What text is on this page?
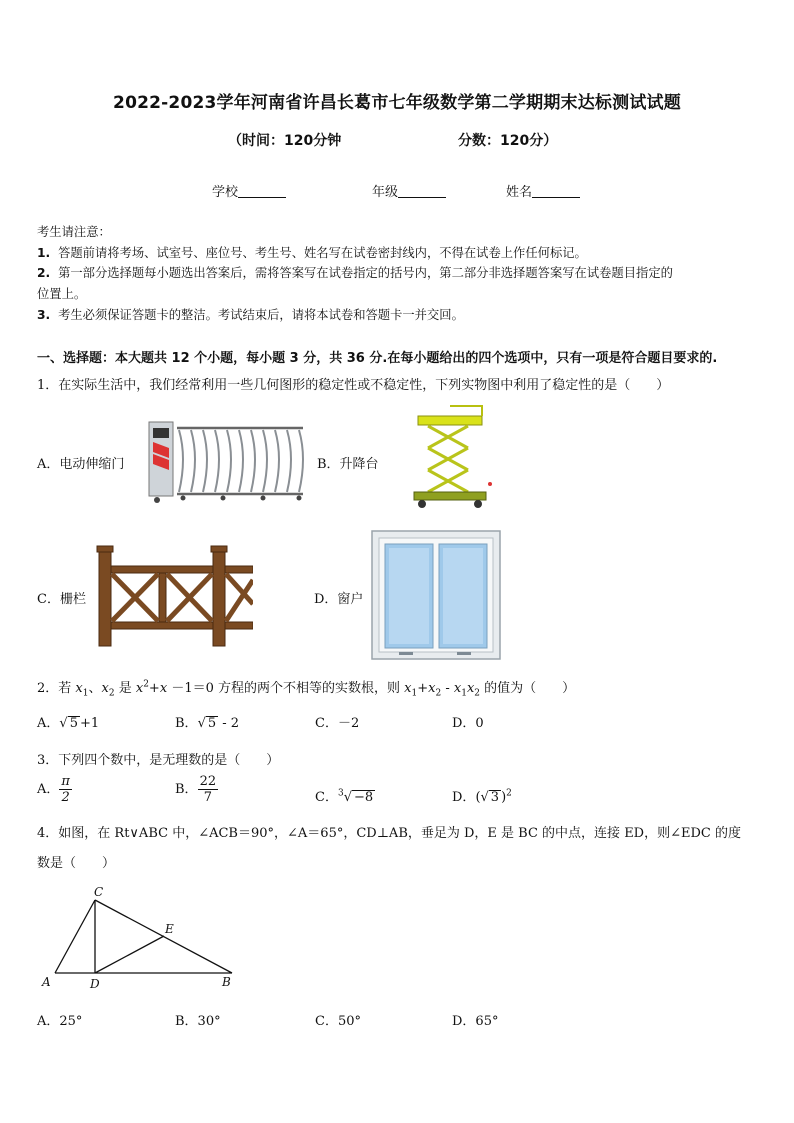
2022-2023学年河南省许昌长葛市七年级数学第二学期期末达标测试试题
（时间：120分钟	分数：120分）
学校	年级	姓名
考生请注意：
1. 答题前请将考场、试室号、座位号、考生号、姓名写在试卷密封线内，不得在试卷上作任何标记。
2. 第一部分选择题每小题选出答案后，需将答案写在试卷指定的括号内，第二部分非选择题答案写在试卷题目指定的
位置上。
3. 考生必须保证答题卡的整洁。考试结束后，请将本试卷和答题卡一并交回。
一、选择题：本大题共 12 个小题，每小题 3 分，共 36 分.在每小题给出的四个选项中，只有一项是符合题目要求的.
1．在实际生活中，我们经常利用一些几何图形的稳定性或不稳定性，下列实物图中利用了稳定性的是（　　）
A．电动伸缩门	B．升降台
C．栅栏	D．窗户
2．若 $x_1$、$x_2$ 是 $x^2+x -1=0$ 方程的两个不相等的实数根，则 $x_1+x_2 - x_1x_2$ 的值为（　　）
A．√ 5 +1	B．√ 5 - 2	C．－2	D．0
3．下列四个数中，是无理数的是（　　）
A． $\frac{\pi}{2}$	B． $\frac{22}{7}$	C．$^3$√ −8	D．(√ 3 )$^2$
4．如图，在 Rt∨ABC 中，∠ACB＝90°，∠A＝65°，CD⊥AB，垂足为 D，E 是 BC 的中点，连接 ED，则∠EDC 的度
数是（　　）
C
E
A	D	B
A．25°	B．30°	C．50°	D．65°
